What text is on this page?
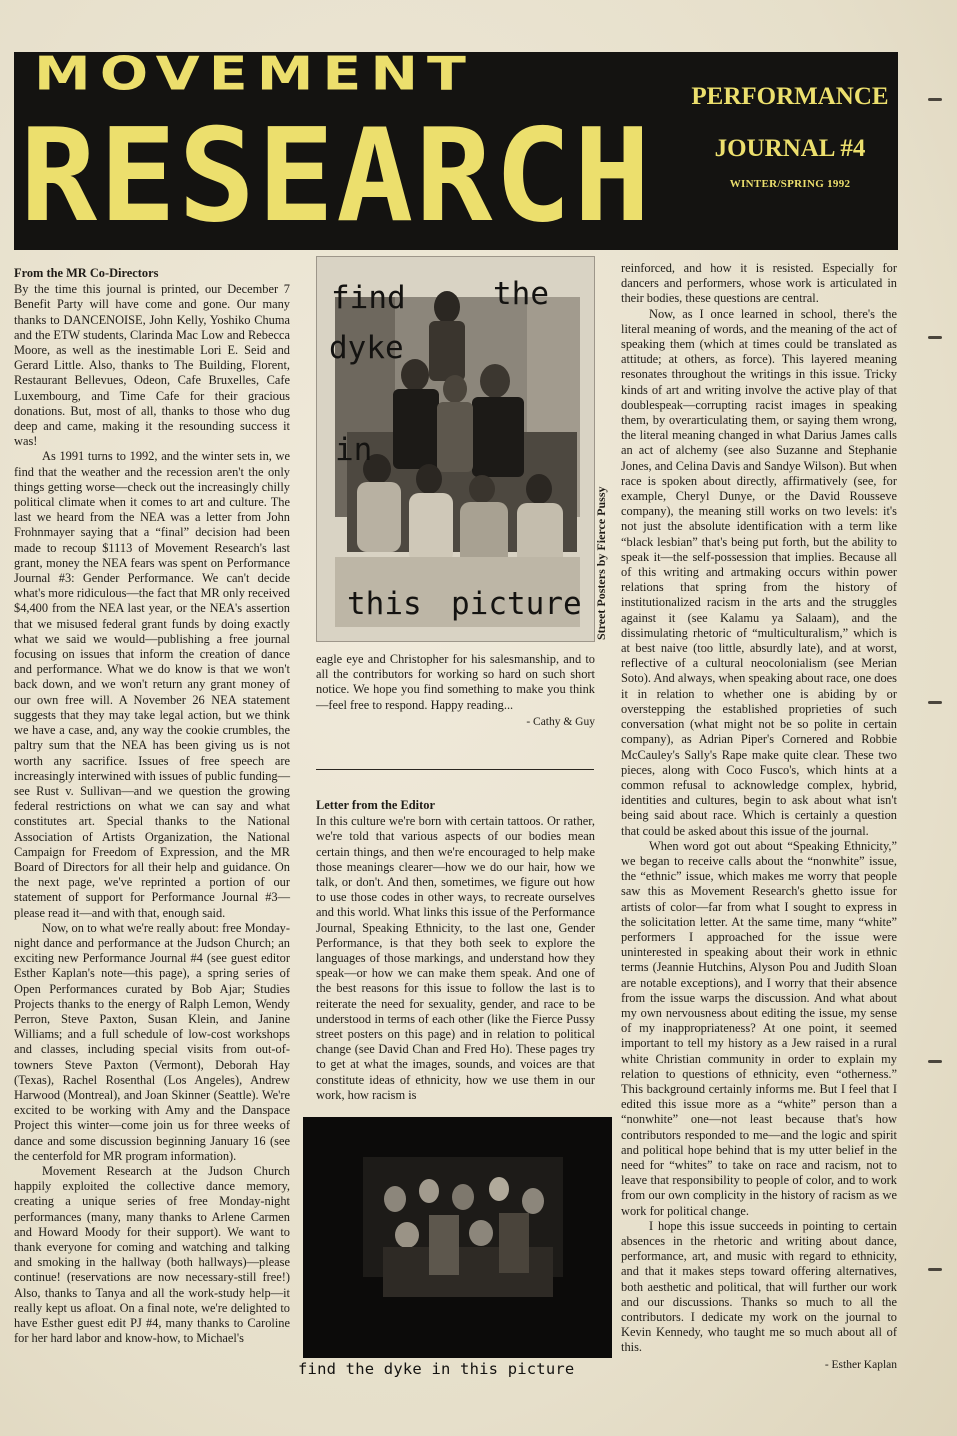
MOVEMENT
RESEARCH
PERFORMANCE
JOURNAL #4
WINTER/SPRING 1992
From the MR Co-Directors

By the time this journal is printed, our December 7 Benefit Party will have come and gone. Our many thanks to DANCENOISE, John Kelly, Yoshiko Chuma and the ETW students, Clarinda Mac Low and Rebecca Moore, as well as the inestimable Lori E. Seid and Gerard Little. Also, thanks to The Building, Florent, Restaurant Bellevues, Odeon, Cafe Bruxelles, Cafe Luxembourg, and Time Cafe for their gracious donations. But, most of all, thanks to those who dug deep and came, making it the resounding success it was!

As 1991 turns to 1992, and the winter sets in, we find that the weather and the recession aren't the only things getting worse—check out the increasingly chilly political climate when it comes to art and culture. The last we heard from the NEA was a letter from John Frohnmayer saying that a “final” decision had been made to recoup $1113 of Movement Research's last grant, money the NEA fears was spent on Performance Journal #3: Gender Performance. We can't decide what's more ridiculous—the fact that MR only received $4,400 from the NEA last year, or the NEA's assertion that we misused federal grant funds by doing exactly what we said we would—publishing a free journal focusing on issues that inform the creation of dance and performance. What we do know is that we won't back down, and we won't return any grant money of our own free will. A November 26 NEA statement suggests that they may take legal action, but we think we have a case, and, any way the cookie crumbles, the paltry sum that the NEA has been giving us is not worth any sacrifice. Issues of free speech are increasingly interwined with issues of public funding—see Rust v. Sullivan—and we question the growing federal restrictions on what we can say and what constitutes art. Special thanks to the National Association of Artists Organization, the National Campaign for Freedom of Expression, and the MR Board of Directors for all their help and guidance. On the next page, we've reprinted a portion of our statement of support for Performance Journal #3—please read it—and with that, enough said.

Now, on to what we're really about: free Monday-night dance and performance at the Judson Church; an exciting new Performance Journal #4 (see guest editor Esther Kaplan's note—this page), a spring series of Open Performances curated by Bob Ajar; Studies Projects thanks to the energy of Ralph Lemon, Wendy Perron, Steve Paxton, Susan Klein, and Janine Williams; and a full schedule of low-cost workshops and classes, including special visits from out-of-towners Steve Paxton (Vermont), Deborah Hay (Texas), Rachel Rosenthal (Los Angeles), Andrew Harwood (Montreal), and Joan Skinner (Seattle). We're excited to be working with Amy and the Danspace Project this winter—come join us for three weeks of dance and some discussion beginning January 16 (see the centerfold for MR program information).

Movement Research at the Judson Church happily exploited the collective dance memory, creating a unique series of free Monday-night performances (many, many thanks to Arlene Carmen and Howard Moody for their support). We want to thank everyone for coming and watching and talking and smoking in the hallway (both hallways)—please continue! (reservations are now necessary-still free!) Also, thanks to Tanya and all the work-study help—it really kept us afloat. On a final note, we're delighted to have Esther guest edit PJ #4, many thanks to Caroline for her hard labor and know-how, to Michael's

find	the
dyke
in
this picture Street Posters by Fierce Pussy

eagle eye and Christopher for his salesmanship, and to all the contributors for working so hard on such short notice. We hope you find something to make you think—feel free to respond. Happy reading...

- Cathy & Guy
Letter from the Editor

In this culture we're born with certain tattoos. Or rather, we're told that various aspects of our bodies mean certain things, and then we're encouraged to help make those meanings clearer—how we do our hair, how we talk, or don't. And then, sometimes, we figure out how to use those codes in other ways, to recreate ourselves and this world. What links this issue of the Performance Journal, Speaking Ethnicity, to the last one, Gender Performance, is that they both seek to explore the languages of those markings, and understand how they speak—or how we can make them speak. And one of the best reasons for this issue to follow the last is to reiterate the need for sexuality, gender, and race to be understood in terms of each other (like the Fierce Pussy street posters on this page) and in relation to political change (see David Chan and Fred Ho). These pages try to get at what the images, sounds, and voices are that constitute ideas of ethnicity, how we use them in our work, how racism is

find the dyke in this picture

reinforced, and how it is resisted. Especially for dancers and performers, whose work is articulated in their bodies, these questions are central.

Now, as I once learned in school, there's the literal meaning of words, and the meaning of the act of speaking them (which at times could be translated as attitude; at others, as force). This layered meaning resonates throughout the writings in this issue. Tricky kinds of art and writing involve the active play of that doublespeak—corrupting racist images in speaking them, by overarticulating them, or saying them wrong, the literal meaning changed in what Darius James calls an act of alchemy (see also Suzanne and Stephanie Jones, and Celina Davis and Sandye Wilson). But when race is spoken about directly, affirmatively (see, for example, Cheryl Dunye, or the David Rousseve company), the meaning still works on two levels: it's not just the absolute identification with a term like “black lesbian” that's being put forth, but the ability to speak it—the self-possession that implies. Because all of this writing and artmaking occurs within power relations that spring from the history of institutionalized racism in the arts and the struggles against it (see Kalamu ya Salaam), and the dissimulating rhetoric of “multiculturalism,” which is at best naive (too little, absurdly late), and at worst, reflective of a cultural neocolonialism (see Merian Soto). And always, when speaking about race, one does it in relation to whether one is abiding by or overstepping the established proprieties of such conversation (what might not be so polite in certain company), as Adrian Piper's Cornered and Robbie McCauley's Sally's Rape make quite clear. These two pieces, along with Coco Fusco's, which hints at a common refusal to acknowledge complex, hybrid, identities and cultures, begin to ask about what isn't being said about race. Which is certainly a question that could be asked about this issue of the journal.

When word got out about “Speaking Ethnicity,” we began to receive calls about the “nonwhite” issue, the “ethnic” issue, which makes me worry that people saw this as Movement Research's ghetto issue for artists of color—far from what I sought to express in the solicitation letter. At the same time, many “white” performers I approached for the issue were uninterested in speaking about their work in ethnic terms (Jeannie Hutchins, Alyson Pou and Judith Sloan are notable exceptions), and I worry that their absence from the issue warps the discussion. And what about my own nervousness about editing the issue, my sense of my inappropriateness? At one point, it seemed important to tell my history as a Jew raised in a rural white Christian community in order to explain my relation to questions of ethnicity, even “otherness.” This background certainly informs me. But I feel that I edited this issue more as a “white” person than a “nonwhite” one—not least because that's how contributors responded to me—and the logic and spirit and political hope behind that is my utter belief in the need for “whites” to take on race and racism, not to leave that responsibility to people of color, and to work from our own complicity in the history of racism as we work for political change.

I hope this issue succeeds in pointing to certain absences in the rhetoric and writing about dance, performance, art, and music with regard to ethnicity, and that it makes steps toward offering alternatives, both aesthetic and political, that will further our work and our discussions. Thanks so much to all the contributors. I dedicate my work on the journal to Kevin Kennedy, who taught me so much about all of this.

- Esther Kaplan
